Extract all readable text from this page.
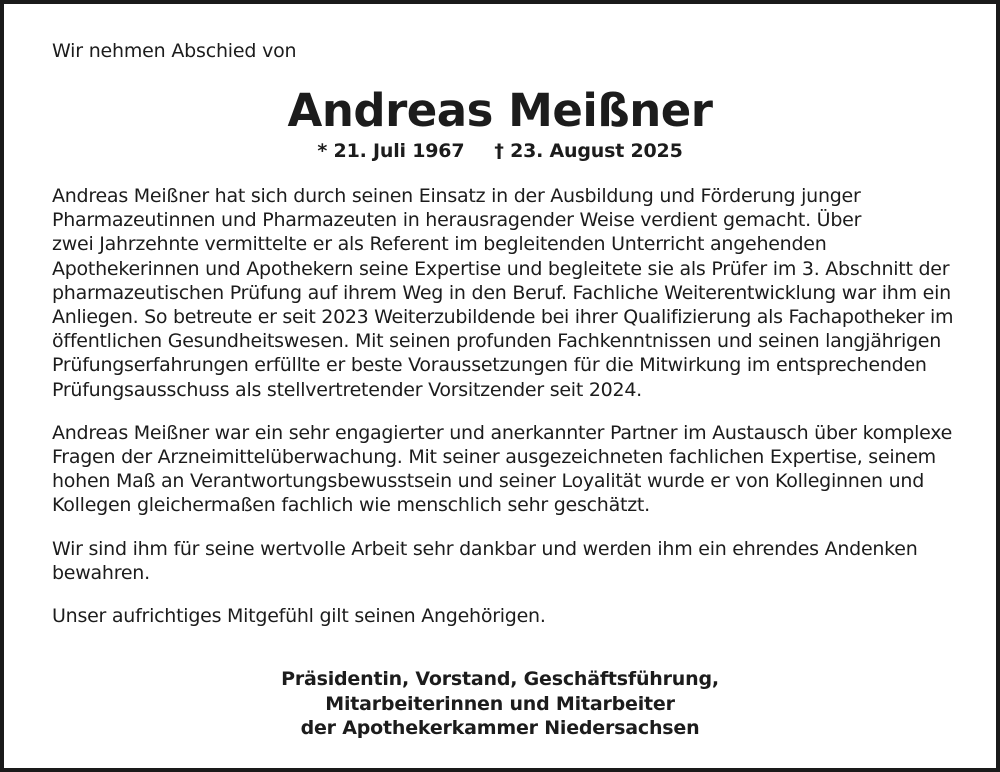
Wir nehmen Abschied von
Andreas Meißner
* 21. Juli 1967 † 23. August 2025

Andreas Meißner hat sich durch seinen Einsatz in der Ausbildung und Förderung junger

Pharmazeutinnen und Pharmazeuten in herausragender Weise verdient gemacht. Über

zwei Jahrzehnte vermittelte er als Referent im begleitenden Unterricht angehenden

Apothekerinnen und Apothekern seine Expertise und begleitete sie als Prüfer im 3. Abschnitt der

pharmazeutischen Prüfung auf ihrem Weg in den Beruf. Fachliche Weiterentwicklung war ihm ein

Anliegen. So betreute er seit 2023 Weiterzubildende bei ihrer Qualifizierung als Fachapotheker im

öffentlichen Gesundheitswesen. Mit seinen profunden Fachkenntnissen und seinen langjährigen

Prüfungserfahrungen erfüllte er beste Voraussetzungen für die Mitwirkung im entsprechenden

Prüfungsausschuss als stellvertretender Vorsitzender seit 2024.

Andreas Meißner war ein sehr engagierter und anerkannter Partner im Austausch über komplexe

Fragen der Arzneimittelüberwachung. Mit seiner ausgezeichneten fachlichen Expertise, seinem

hohen Maß an Verantwortungsbewusstsein und seiner Loyalität wurde er von Kolleginnen und

Kollegen gleichermaßen fachlich wie menschlich sehr geschätzt.

Wir sind ihm für seine wertvolle Arbeit sehr dankbar und werden ihm ein ehrendes Andenken

bewahren.

Unser aufrichtiges Mitgefühl gilt seinen Angehörigen.

Präsidentin, Vorstand, Geschäftsführung,
Mitarbeiterinnen und Mitarbeiter
der Apothekerkammer Niedersachsen
